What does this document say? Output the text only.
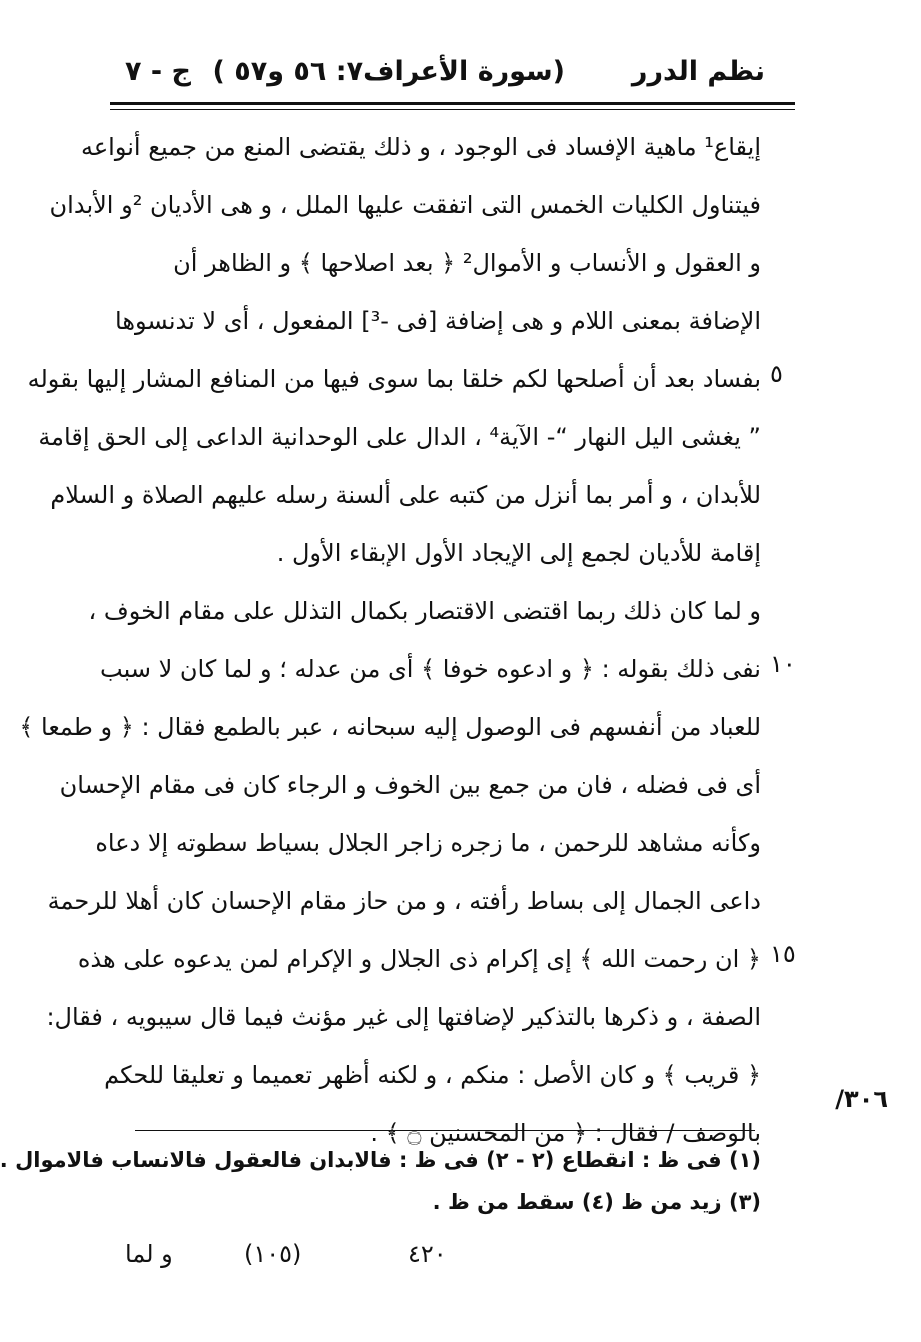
نظم الدرر
(سورة الأعراف٧: ٥٦ و٥٧ )
ج - ٧
إيقاع¹ ماهية الإفساد فى الوجود ، و ذلك يقتضى المنع من جميع أنواعه
فيتناول الكليات الخمس التى اتفقت عليها الملل ، و هى الأديان ²و الأبدان
و العقول و الأنساب و الأموال² ﴿ بعد اصلاحها ﴾ و الظاهر أن
الإضافة بمعنى اللام و هى إضافة [فى -³] المفعول ، أى لا تدنسوها
بفساد بعد أن أصلحها لكم خلقا بما سوى فيها من المنافع المشار إليها بقوله
” يغشى اليل النهار “- الآية⁴ ، الدال على الوحدانية الداعى إلى الحق إقامة
للأبدان ، و أمر بما أنزل من كتبه على ألسنة رسله عليهم الصلاة و السلام
إقامة للأديان لجمع إلى الإيجاد الأول الإبقاء الأول .
و لما كان ذلك ربما اقتضى الاقتصار بكمال التذلل على مقام الخوف ،
نفى ذلك بقوله : ﴿ و ادعوه خوفا ﴾ أى من عدله ؛ و لما كان لا سبب
للعباد من أنفسهم فى الوصول إليه سبحانه ، عبر بالطمع فقال : ﴿ و طمعا ﴾
أى فى فضله ، فان من جمع بين الخوف و الرجاء كان فى مقام الإحسان
وكأنه مشاهد للرحمن ، ما زجره زاجر الجلال بسياط سطوته إلا دعاه
داعى الجمال إلى بساط رأفته ، و من حاز مقام الإحسان كان أهلا للرحمة
﴿ ان رحمت الله ﴾ إى إكرام ذى الجلال و الإكرام لمن يدعوه على هذه
الصفة ، و ذكرها بالتذكير لإضافتها إلى غير مؤنث فيما قال سيبويه ، فقال:
﴿ قريب ﴾ و كان الأصل : منكم ، و لكنه أظهر تعميما و تعليقا للحكم
بالوصف / فقال : ﴿ من المحسنين ۝ ﴾ .
٥
١٠
١٥
٣٠٦/
(١) فى ظ : انقطاع (٢ - ٢) فى ظ : فالابدان فالعقول فالانساب فالاموال .
(٣) زيد من ظ (٤) سقط من ظ .
و لما	(١٠٥)	٤٢٠
